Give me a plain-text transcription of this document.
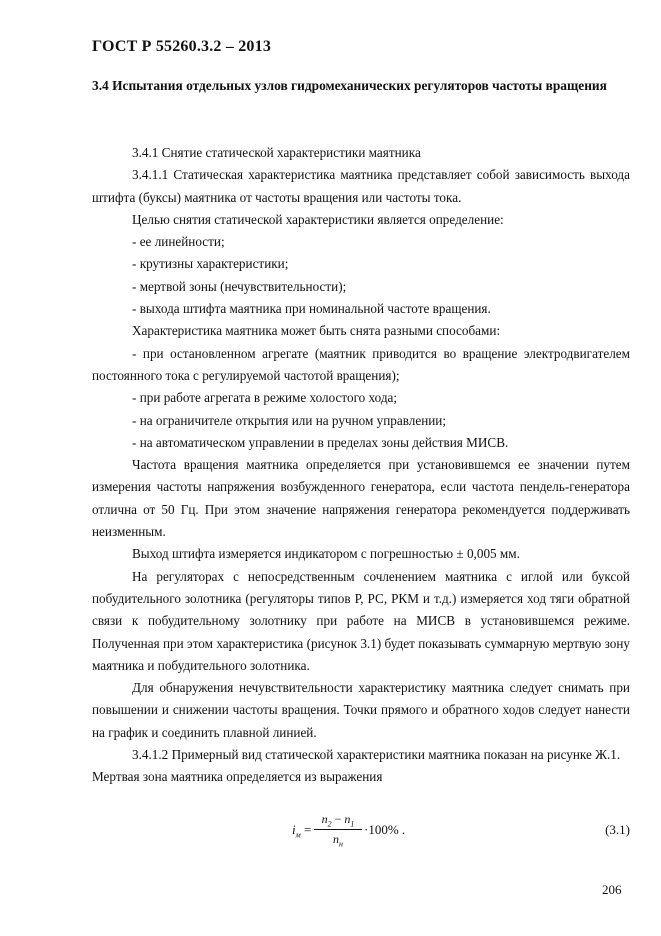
ГОСТ Р 55260.3.2 – 2013
3.4 Испытания отдельных узлов гидромеханических регуляторов частоты вращения

3.4.1 Снятие статической характеристики маятника

3.4.1.1 Статическая характеристика маятника представляет собой зависимость выхода штифта (буксы) маятника от частоты вращения или частоты тока.

Целью снятия статической характеристики является определение:

- ее линейности;

- крутизны характеристики;

- мертвой зоны (нечувствительности);

- выхода штифта маятника при номинальной частоте вращения.

Характеристика маятника может быть снята разными способами:

- при остановленном агрегате (маятник приводится во вращение электродвигателем постоянного тока с регулируемой частотой вращения);

- при работе агрегата в режиме холостого хода;

- на ограничителе открытия или на ручном управлении;

- на автоматическом управлении в пределах зоны действия МИСВ.

Частота вращения маятника определяется при установившемся ее значении путем измерения частоты напряжения возбужденного генератора, если частота пендель-генератора отлична от 50 Гц. При этом значение напряжения генератора рекомендуется поддерживать неизменным.

Выход штифта измеряется индикатором с погрешностью ± 0,005 мм.

На регуляторах с непосредственным сочленением маятника с иглой или буксой побудительного золотника (регуляторы типов Р, РС, РКМ и т.д.) измеряется ход тяги обратной связи к побудительному золотнику при работе на МИСВ в установившемся режиме. Полученная при этом характеристика (рисунок 3.1) будет показывать суммарную мертвую зону маятника и побудительного золотника.

Для обнаружения нечувствительности характеристику маятника следует снимать при повышении и снижении частоты вращения. Точки прямого и обратного ходов следует нанести на график и соединить плавной линией.

3.4.1.2 Примерный вид статической характеристики маятника показан на рисунке Ж.1.

Мертвая зона маятника определяется из выражения

$i_м$ =
$n_2 - n_1$
$n_н$
·100% .	(3.1)
206
